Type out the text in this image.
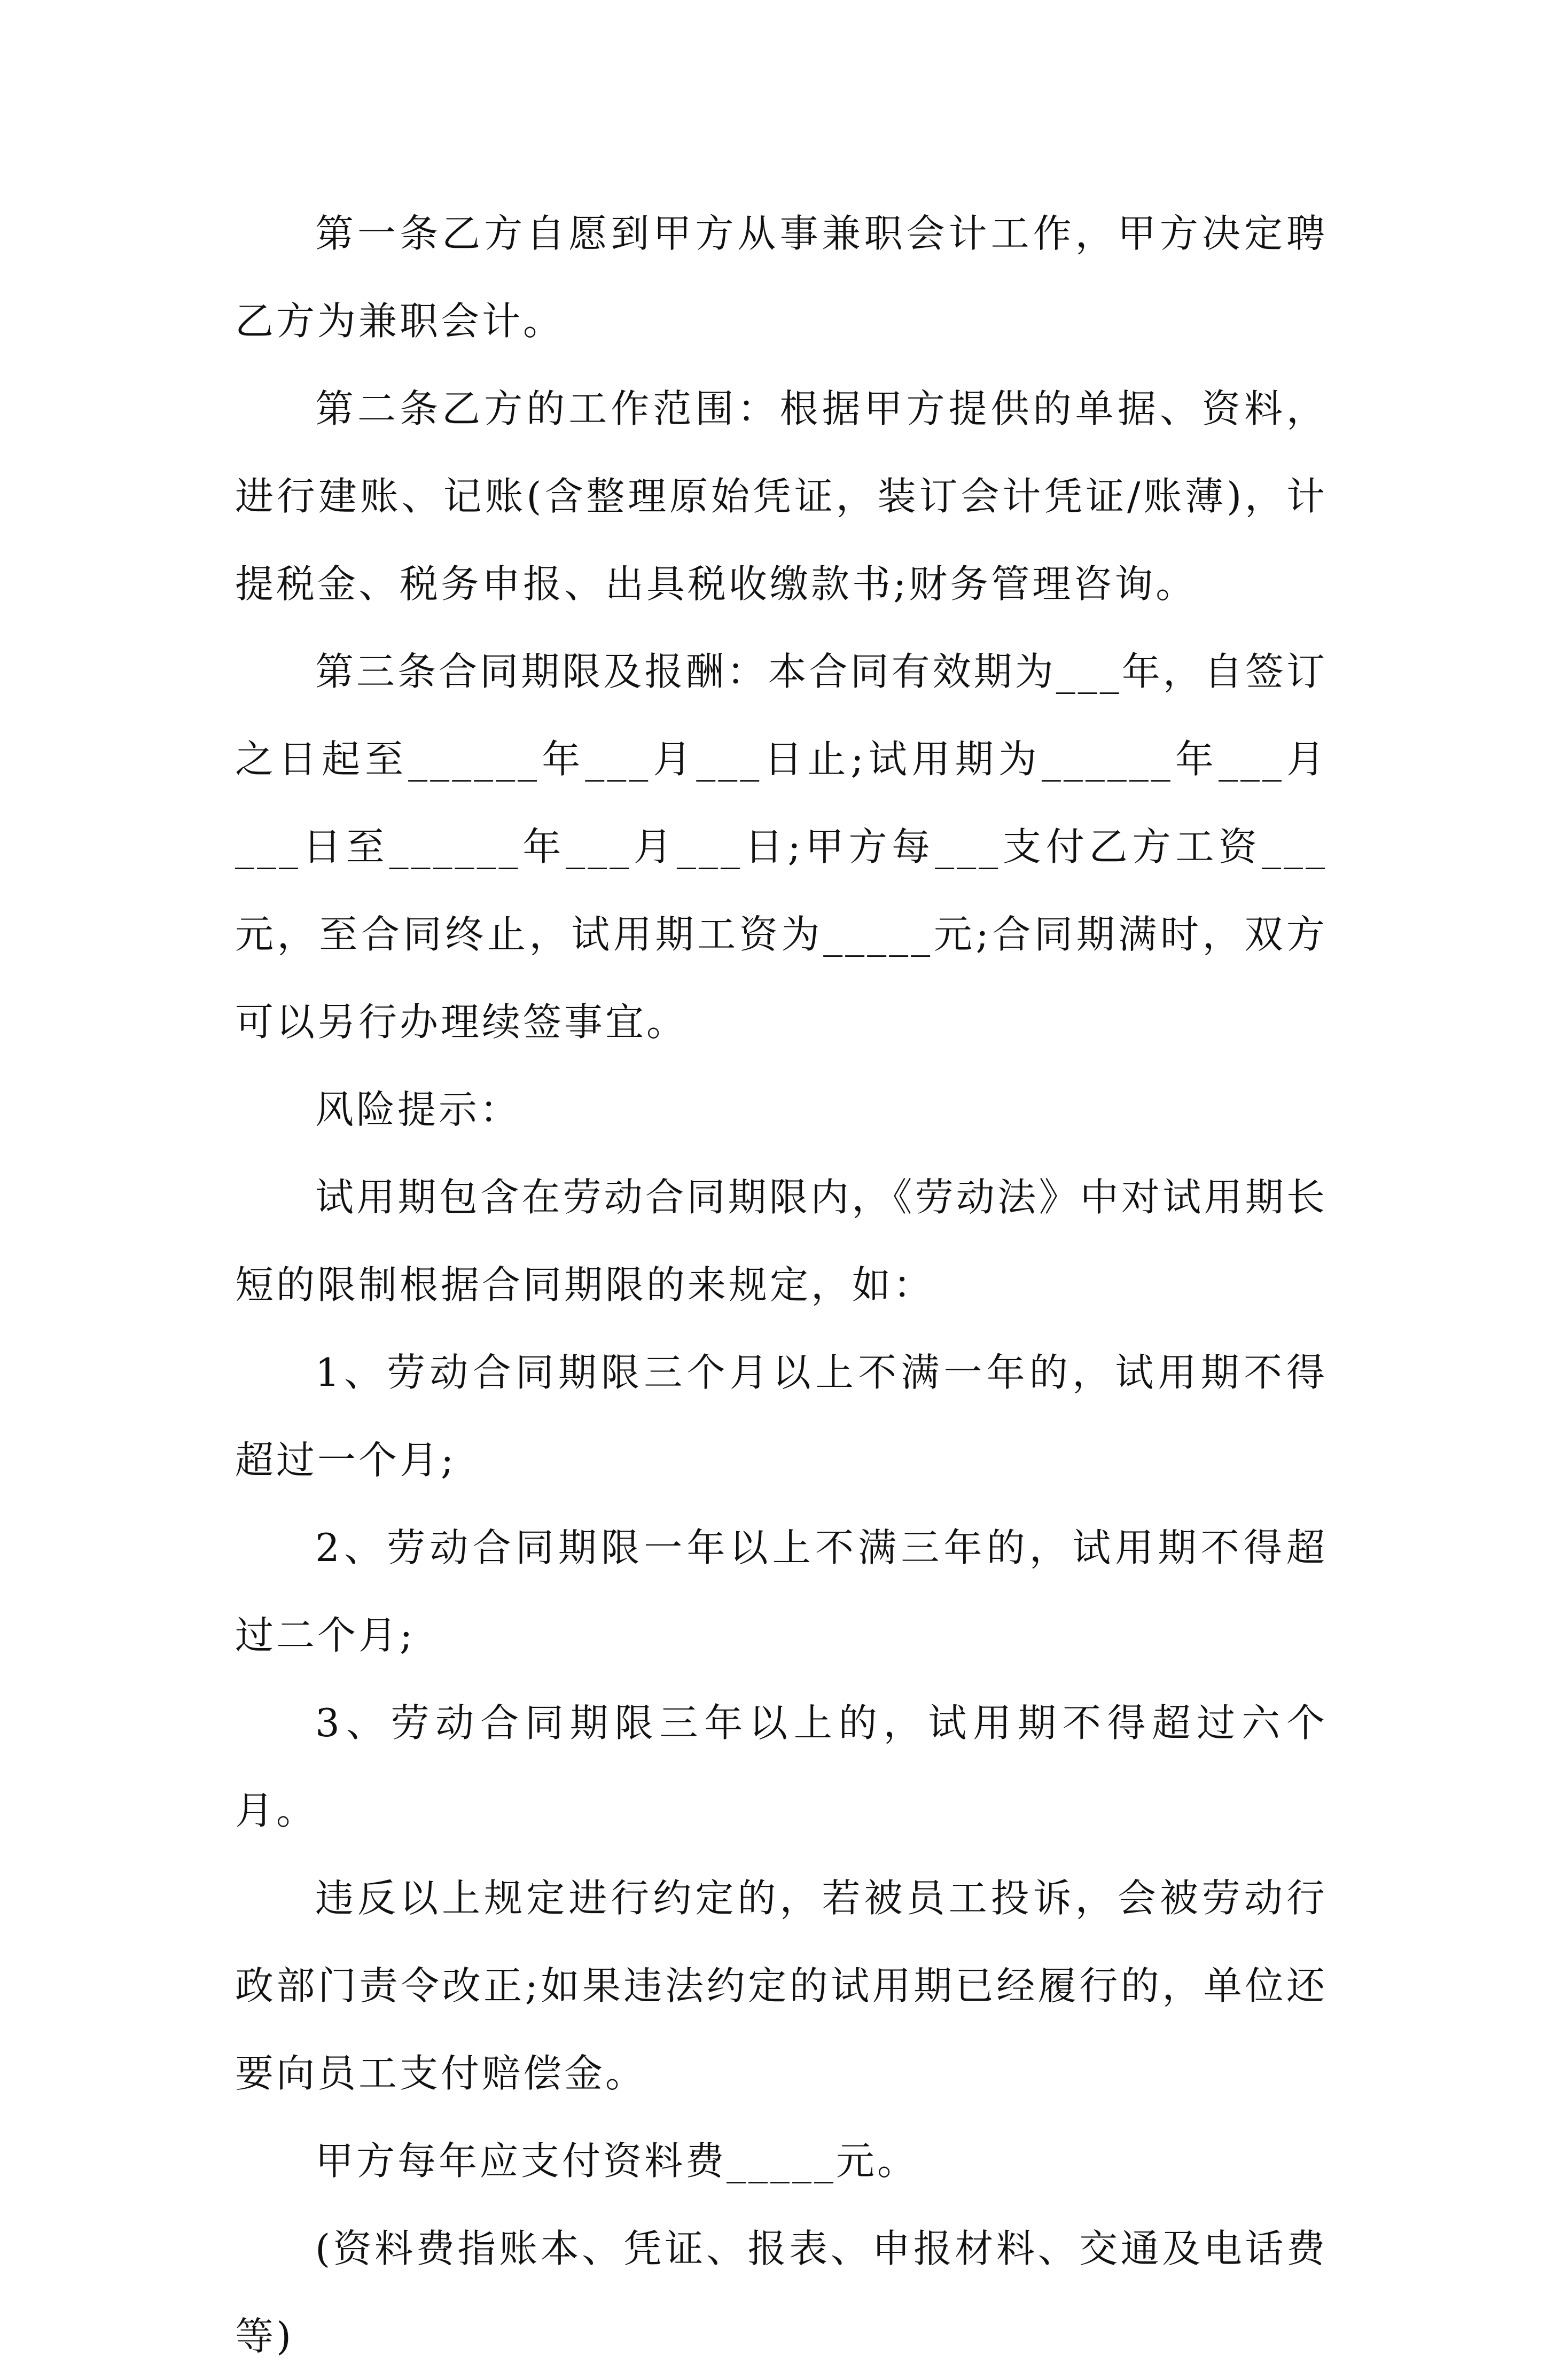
第一条乙方自愿到甲方从事兼职会计工作，甲方决定聘乙方为兼职会计。

第二条乙方的工作范围：根据甲方提供的单据、资料，进行建账、记账(含整理原始凭证，装订会计凭证/账薄)，计提税金、税务申报、出具税收缴款书;财务管理咨询。

第三条合同期限及报酬：本合同有效期为___年，自签订之日起至______年___月___日止;试用期为______年___月___日至______年___月___日;甲方每___支付乙方工资___元，至合同终止，试用期工资为_____元;合同期满时，双方可以另行办理续签事宜。

风险提示：

试用期包含在劳动合同期限内，《劳动法》中对试用期长短的限制根据合同期限的来规定，如：

1、劳动合同期限三个月以上不满一年的，试用期不得超过一个月;

2、劳动合同期限一年以上不满三年的，试用期不得超过二个月;

3、劳动合同期限三年以上的，试用期不得超过六个月。

违反以上规定进行约定的，若被员工投诉，会被劳动行政部门责令改正;如果违法约定的试用期已经履行的，单位还要向员工支付赔偿金。

甲方每年应支付资料费_____元。

(资料费指账本、凭证、报表、申报材料、交通及电话费等)
